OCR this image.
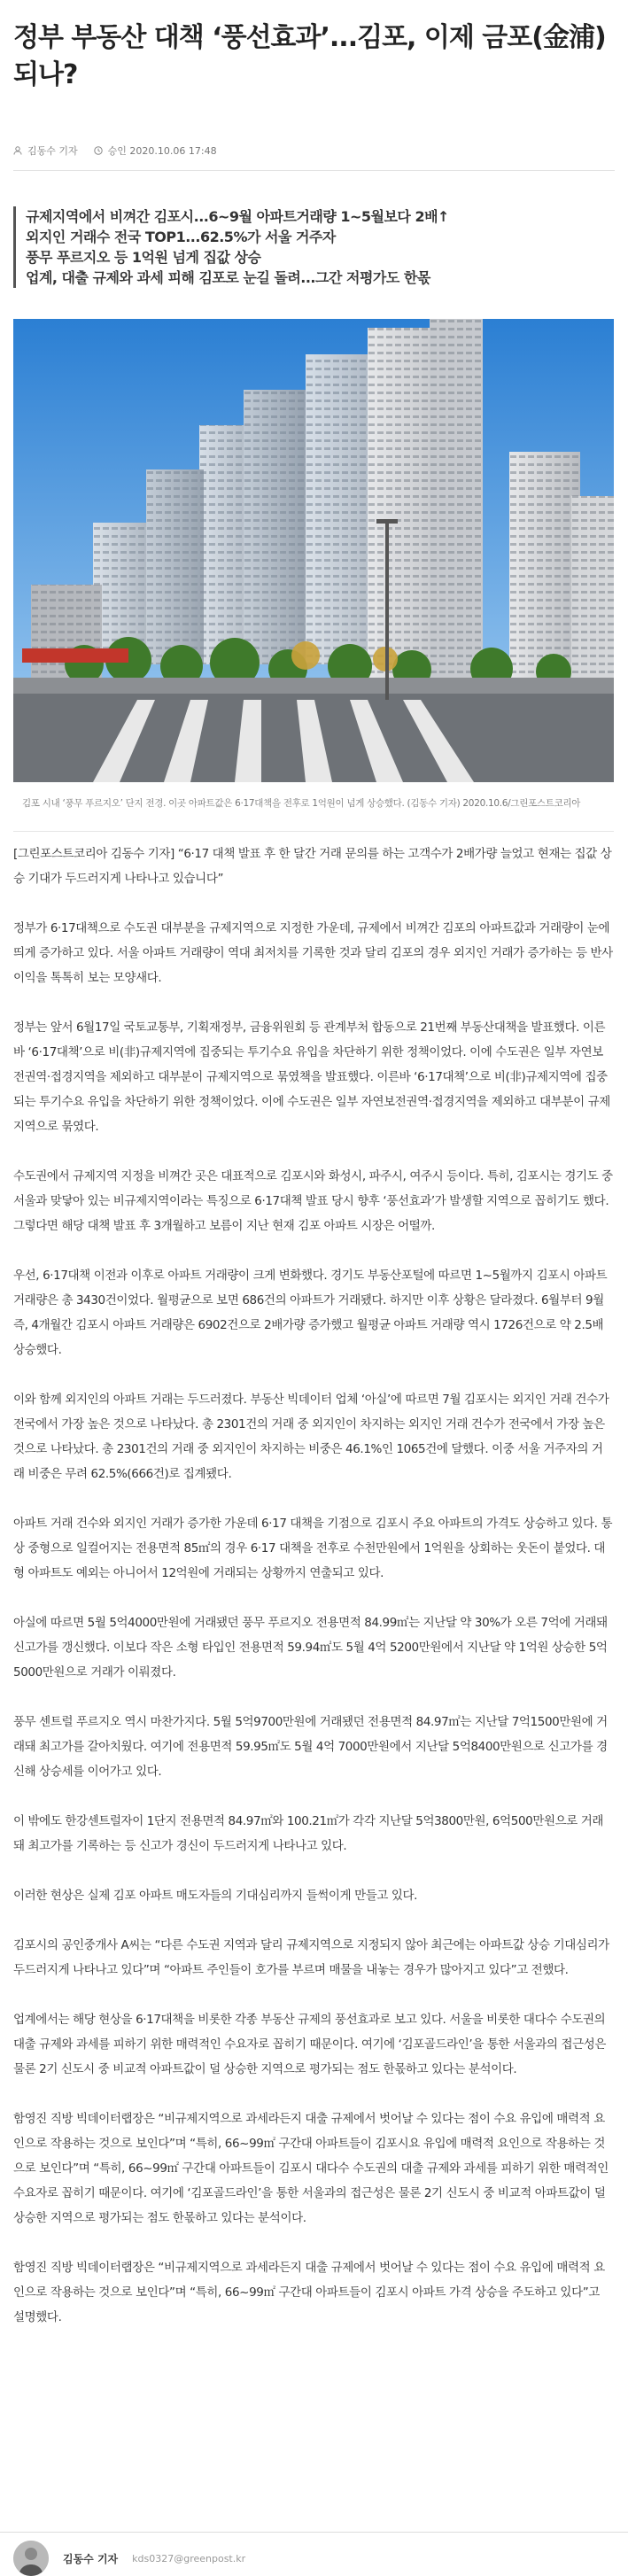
정부 부동산 대책 ‘풍선효과’...김포, 이제 금포(金浦) 되나?
김동수 기자	승인 2020.10.06 17:48
규제지역에서 비껴간 김포시...6~9월 아파트거래량 1~5월보다 2배↑
외지인 거래수 전국 TOP1...62.5%가 서울 거주자
풍무 푸르지오 등 1억원 넘게 집값 상승
업계, 대출 규제와 과세 피해 김포로 눈길 돌려...그간 저평가도 한몫
김포 시내 ‘풍무 푸르지오’ 단지 전경. 이곳 아파트값은 6·17대책을 전후로 1억원이 넘게 상승했다. (김동수 기자) 2020.10.6/그린포스트코리아

[그린포스트코리아 김동수 기자] “6·17 대책 발표 후 한 달간 거래 문의를 하는 고객수가 2배가량 늘었고 현재는 집값 상승 기대가 두드러지게 나타나고 있습니다”

정부가 6·17대책으로 수도권 대부분을 규제지역으로 지정한 가운데, 규제에서 비껴간 김포의 아파트값과 거래량이 눈에 띄게 증가하고 있다. 서울 아파트 거래량이 역대 최저치를 기록한 것과 달리 김포의 경우 외지인 거래가 증가하는 등 반사이익을 톡톡히 보는 모양새다.

정부는 앞서 6월17일 국토교통부, 기획재정부, 금융위원회 등 관계부처 합동으로 21번째 부동산대책을 발표했다. 이른바 ‘6·17대책’으로 비(非)규제지역에 집중되는 투기수요 유입을 차단하기 위한 정책이었다. 이에 수도권은 일부 자연보전권역·접경지역을 제외하고 대부분이 규제지역으로 묶였책을 발표했다. 이른바 ‘6·17대책’으로 비(非)규제지역에 집중되는 투기수요 유입을 차단하기 위한 정책이었다. 이에 수도권은 일부 자연보전권역·접경지역을 제외하고 대부분이 규제지역으로 묶였다.

수도권에서 규제지역 지정을 비껴간 곳은 대표적으로 김포시와 화성시, 파주시, 여주시 등이다. 특히, 김포시는 경기도 중 서울과 맞닿아 있는 비규제지역이라는 특징으로 6·17대책 발표 당시 향후 ‘풍선효과’가 발생할 지역으로 꼽히기도 했다. 그렇다면 해당 대책 발표 후 3개월하고 보름이 지난 현재 김포 아파트 시장은 어떨까.

우선, 6·17대책 이전과 이후로 아파트 거래량이 크게 변화했다. 경기도 부동산포털에 따르면 1~5월까지 김포시 아파트 거래량은 총 3430건이었다. 월평균으로 보면 686건의 아파트가 거래됐다. 하지만 이후 상황은 달라졌다. 6월부터 9월 즉, 4개월간 김포시 아파트 거래량은 6902건으로 2배가량 증가했고 월평균 아파트 거래량 역시 1726건으로 약 2.5배 상승했다.

이와 함께 외지인의 아파트 거래는 두드러졌다. 부동산 빅데이터 업체 ‘아실’에 따르면 7월 김포시는 외지인 거래 건수가 전국에서 가장 높은 것으로 나타났다. 총 2301건의 거래 중 외지인이 차지하는 외지인 거래 건수가 전국에서 가장 높은 것으로 나타났다. 총 2301건의 거래 중 외지인이 차지하는 비중은 46.1%인 1065건에 달했다. 이중 서울 거주자의 거래 비중은 무려 62.5%(666건)로 집계됐다.

아파트 거래 건수와 외지인 거래가 증가한 가운데 6·17 대책을 기점으로 김포시 주요 아파트의 가격도 상승하고 있다. 통상 중형으로 일컬어지는 전용면적 85㎡의 경우 6·17 대책을 전후로 수천만원에서 1억원을 상회하는 웃돈이 붙었다. 대형 아파트도 예외는 아니어서 12억원에 거래되는 상황까지 연출되고 있다.

아실에 따르면 5월 5억4000만원에 거래됐던 풍무 푸르지오 전용면적 84.99㎡는 지난달 약 30%가 오른 7억에 거래돼 신고가를 갱신했다. 이보다 작은 소형 타입인 전용면적 59.94㎡도 5월 4억 5200만원에서 지난달 약 1억원 상승한 5억5000만원으로 거래가 이뤄졌다.

풍무 센트럴 푸르지오 역시 마찬가지다. 5월 5억9700만원에 거래됐던 전용면적 84.97㎡는 지난달 7억1500만원에 거래돼 최고가를 갈아치웠다. 여기에 전용면적 59.95㎡도 5월 4억 7000만원에서 지난달 5억8400만원으로 신고가를 경신해 상승세를 이어가고 있다.

이 밖에도 한강센트럴자이 1단지 전용면적 84.97㎡와 100.21㎡가 각각 지난달 5억3800만원, 6억500만원으로 거래돼 최고가를 기록하는 등 신고가 경신이 두드러지게 나타나고 있다.

이러한 현상은 실제 김포 아파트 매도자들의 기대심리까지 들썩이게 만들고 있다.

김포시의 공인중개사 A씨는 “다른 수도권 지역과 달리 규제지역으로 지정되지 않아 최근에는 아파트값 상승 기대심리가 두드러지게 나타나고 있다”며 “아파트 주인들이 호가를 부르며 매물을 내놓는 경우가 많아지고 있다”고 전했다.

업계에서는 해당 현상을 6·17대책을 비롯한 각종 부동산 규제의 풍선효과로 보고 있다. 서울을 비롯한 대다수 수도권의 대출 규제와 과세를 피하기 위한 매력적인 수요자로 꼽히기 때문이다. 여기에 ‘김포골드라인’을 통한 서울과의 접근성은 물론 2기 신도시 중 비교적 아파트값이 덜 상승한 지역으로 평가되는 점도 한몫하고 있다는 분석이다.

함영진 직방 빅데이터랩장은 “비규제지역으로 과세라든지 대출 규제에서 벗어날 수 있다는 점이 수요 유입에 매력적 요인으로 작용하는 것으로 보인다”며 “특히, 66~99㎡ 구간대 아파트들이 김포시요 유입에 매력적 요인으로 작용하는 것으로 보인다”며 “특히, 66~99㎡ 구간대 아파트들이 김포시 대다수 수도권의 대출 규제와 과세를 피하기 위한 매력적인 수요자로 꼽히기 때문이다. 여기에 ‘김포골드라인’을 통한 서울과의 접근성은 물론 2기 신도시 중 비교적 아파트값이 덜 상승한 지역으로 평가되는 점도 한몫하고 있다는 분석이다.

함영진 직방 빅데이터랩장은 “비규제지역으로 과세라든지 대출 규제에서 벗어날 수 있다는 점이 수요 유입에 매력적 요인으로 작용하는 것으로 보인다”며 “특히, 66~99㎡ 구간대 아파트들이 김포시 아파트 가격 상승을 주도하고 있다”고 설명했다.

김동수 기자 kds0327@greenpost.kr
